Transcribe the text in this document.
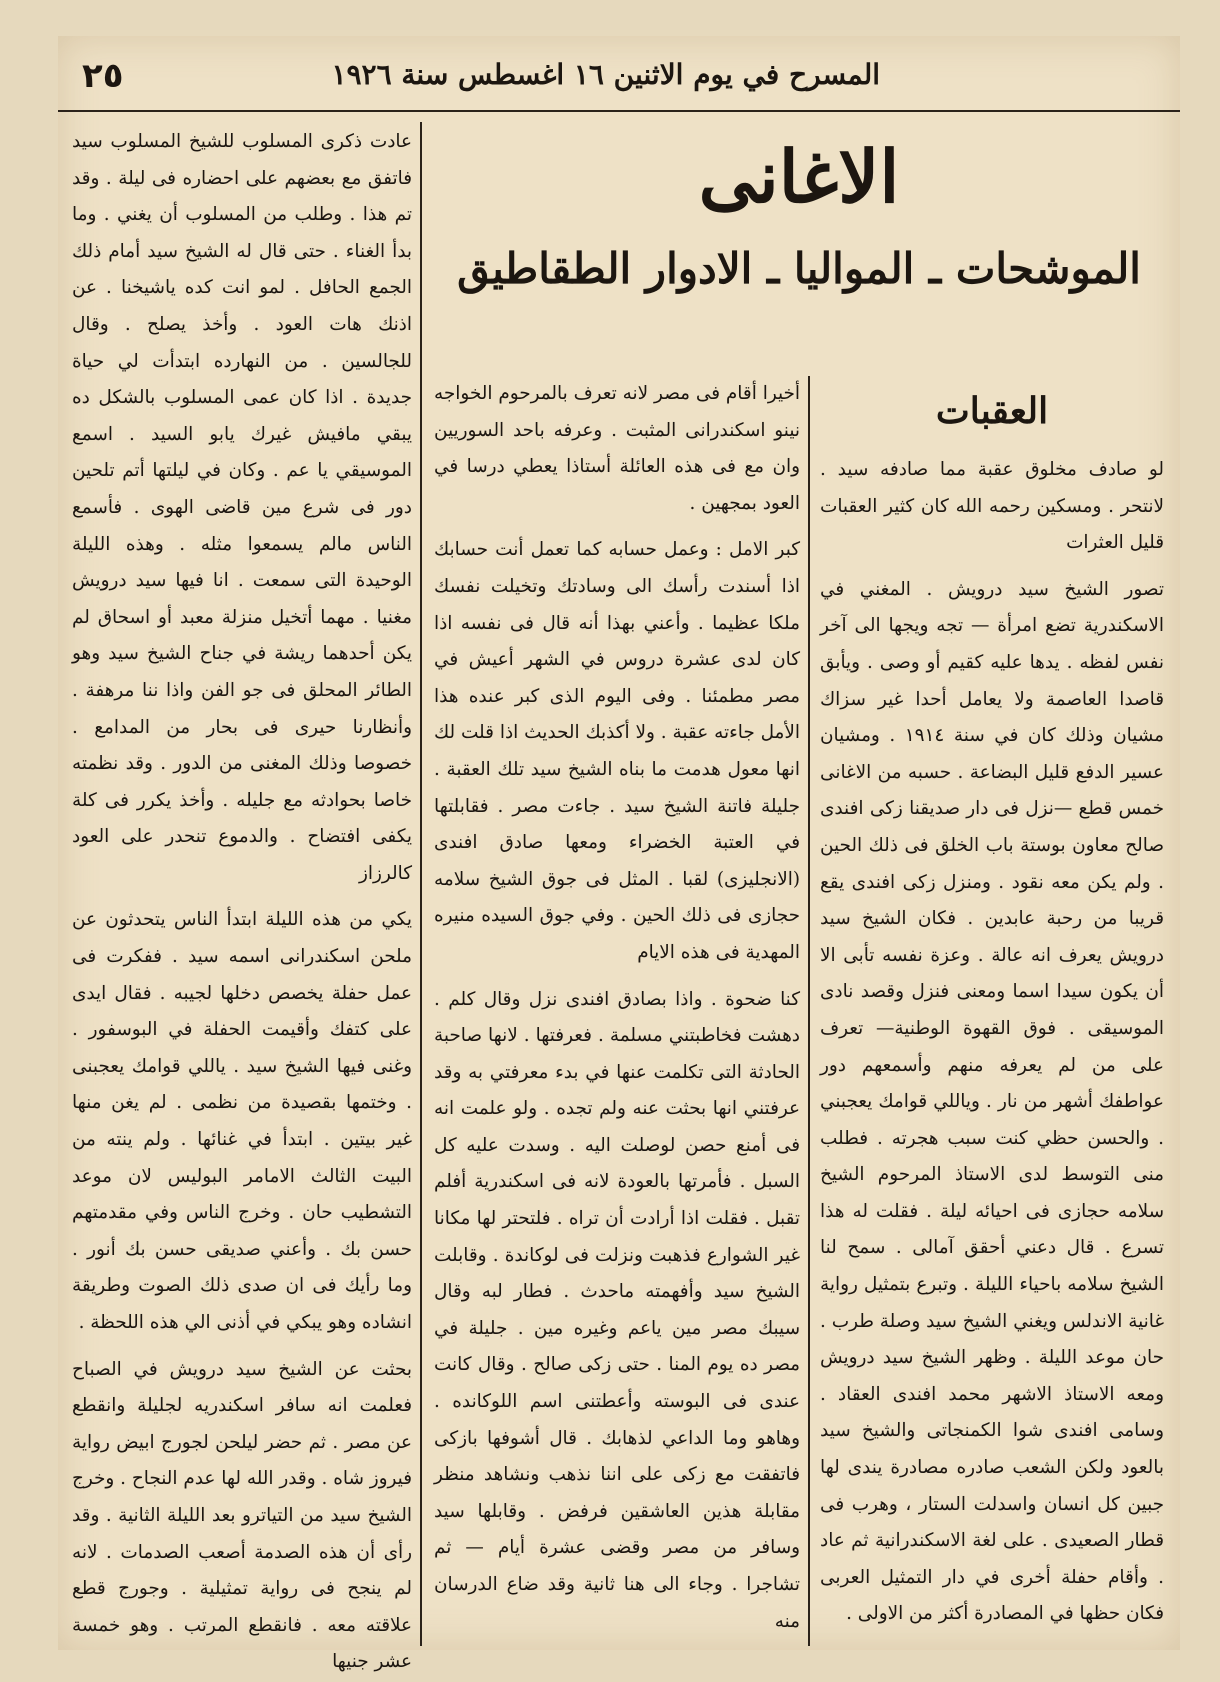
٢٥	المسرح في يوم الاثنين ١٦ اغسطس سنة ١٩٢٦
الاغانى
الموشحات ـ المواليا ـ الادوار الطقاطيق
العقبات

لو صادف مخلوق عقبة مما صادفه سيد . لانتحر . ومسكين رحمه الله كان كثير العقبات قليل العثرات

تصور الشيخ سيد درويش . المغني في الاسكندرية تضع امرأة — تجه ويجها الى آخر نفس لفظه . يدها عليه كقيم أو وصى . ويأبق قاصدا العاصمة ولا يعامل أحدا غير سزاك مشيان وذلك كان في سنة ١٩١٤ . ومشيان عسير الدفع قليل البضاعة . حسبه من الاغانى خمس قطع —نزل فى دار صديقنا زكى افندى صالح معاون بوستة باب الخلق فى ذلك الحين . ولم يكن معه نقود . ومنزل زكى افندى يقع قريبا من رحبة عابدين . فكان الشيخ سيد درويش يعرف انه عالة . وعزة نفسه تأبى الا أن يكون سيدا اسما ومعنى فنزل وقصد نادى الموسيقى . فوق القهوة الوطنية— تعرف على من لم يعرفه منهم وأسمعهم دور عواطفك أشهر من نار . وياللي قوامك يعجبني . والحسن حظي كنت سبب هجرته . فطلب منى التوسط لدى الاستاذ المرحوم الشيخ سلامه حجازى فى احيائه ليلة . فقلت له هذا تسرع . قال دعني أحقق آمالى . سمح لنا الشيخ سلامه باحياء الليلة . وتبرع بتمثيل رواية غانية الاندلس ويغني الشيخ سيد وصلة طرب . حان موعد الليلة . وظهر الشيخ سيد درويش ومعه الاستاذ الاشهر محمد افندى العقاد . وسامى افندى شوا الكمنجاتى والشيخ سيد بالعود ولكن الشعب صادره مصادرة يندى لها جبين كل انسان واسدلت الستار ، وهرب فى قطار الصعيدى . على لغة الاسكندرانية ثم عاد . وأقام حفلة أخرى في دار التمثيل العربى فكان حظها في المصادرة أكثر من الاولى .

أخيرا أقام فى مصر لانه تعرف بالمرحوم الخواجه نينو اسكندرانى المثبت . وعرفه باحد السوريين وان مع فى هذه العائلة أستاذا يعطي درسا في العود بمجهين .

كبر الامل : وعمل حسابه كما تعمل أنت حسابك اذا أسندت رأسك الى وسادتك وتخيلت نفسك ملكا عظيما . وأعني بهذا أنه قال فى نفسه اذا كان لدى عشرة دروس في الشهر أعيش في مصر مطمئنا . وفى اليوم الذى كبر عنده هذا الأمل جاءته عقبة . ولا أكذبك الحديث اذا قلت لك انها معول هدمت ما بناه الشيخ سيد تلك العقبة . جليلة فاتنة الشيخ سيد . جاءت مصر . فقابلتها في العتبة الخضراء ومعها صادق افندى (الانجليزى) لقبا . المثل فى جوق الشيخ سلامه حجازى فى ذلك الحين . وفي جوق السيده منيره المهدية فى هذه الايام

كنا ضحوة . واذا بصادق افندى نزل وقال كلم . دهشت فخاطبتني مسلمة . فعرفتها . لانها صاحبة الحادثة التى تكلمت عنها في بدء معرفتي به وقد عرفتني انها بحثت عنه ولم تجده . ولو علمت انه فى أمنع حصن لوصلت اليه . وسدت عليه كل السبل . فأمرتها بالعودة لانه فى اسكندرية أفلم تقبل . فقلت اذا أرادت أن تراه . فلتحتر لها مكانا غير الشوارع فذهبت ونزلت فى لوكاندة . وقابلت الشيخ سيد وأفهمته ماحدث . فطار لبه وقال سيبك مصر مين ياعم وغيره مين . جليلة في مصر ده يوم المنا . حتى زكى صالح . وقال كانت عندى فى البوسته وأعطتنى اسم اللوكانده . وهاهو وما الداعي لذهابك . قال أشوفها بازكى فاتفقت مع زكى على اننا نذهب ونشاهد منظر مقابلة هذين العاشقين فرفض . وقابلها سيد وسافر من مصر وقضى عشرة أيام — ثم تشاجرا . وجاء الى هنا ثانية وقد ضاع الدرسان منه

عادت ذكرى المسلوب للشيخ المسلوب سيد فاتفق مع بعضهم على احضاره فى ليلة . وقد تم هذا . وطلب من المسلوب أن يغني . وما بدأ الغناء . حتى قال له الشيخ سيد أمام ذلك الجمع الحافل . لمو انت كده ياشيخنا . عن اذنك هات العود . وأخذ يصلح . وقال للجالسين . من النهارده ابتدأت لي حياة جديدة . اذا كان عمى المسلوب بالشكل ده يبقي مافيش غيرك يابو السيد . اسمع الموسيقي يا عم . وكان في ليلتها أتم تلحين دور فى شرع مين قاضى الهوى . فأسمع الناس مالم يسمعوا مثله . وهذه الليلة الوحيدة التى سمعت . انا فيها سيد درويش مغنيا . مهما أتخيل منزلة معبد أو اسحاق لم يكن أحدهما ريشة في جناح الشيخ سيد وهو الطائر المحلق فى جو الفن واذا ننا مرهفة . وأنظارنا حيرى فى بحار من المدامع . خصوصا وذلك المغنى من الدور . وقد نظمته خاصا بحوادثه مع جليله . وأخذ يكرر فى كلة يكفى افتضاح . والدموع تنحدر على العود كالرزاز

يكي من هذه الليلة ابتدأ الناس يتحدثون عن ملحن اسكندرانى اسمه سيد . ففكرت فى عمل حفلة يخصص دخلها لجيبه . فقال ايدى على كتفك وأقيمت الحفلة في البوسفور . وغنى فيها الشيخ سيد . ياللي قوامك يعجبنى . وختمها بقصيدة من نظمى . لم يغن منها غير بيتين . ابتدأ في غنائها . ولم ينته من البيت الثالث الامامر البوليس لان موعد التشطيب حان . وخرج الناس وفي مقدمتهم حسن بك . وأعني صديقى حسن بك أنور . وما رأيك فى ان صدى ذلك الصوت وطريقة انشاده وهو يبكي في أذنى الي هذه اللحظة .

بحثت عن الشيخ سيد درويش في الصباح فعلمت انه سافر اسكندريه لجليلة وانقطع عن مصر . ثم حضر ليلحن لجورج ابيض رواية فيروز شاه . وقدر الله لها عدم النجاح . وخرج الشيخ سيد من التياترو بعد الليلة الثانية . وقد رأى أن هذه الصدمة أصعب الصدمات . لانه لم ينجح فى رواية تمثيلية . وجورج قطع علاقته معه . فانقطع المرتب . وهو خمسة عشر جنيها
